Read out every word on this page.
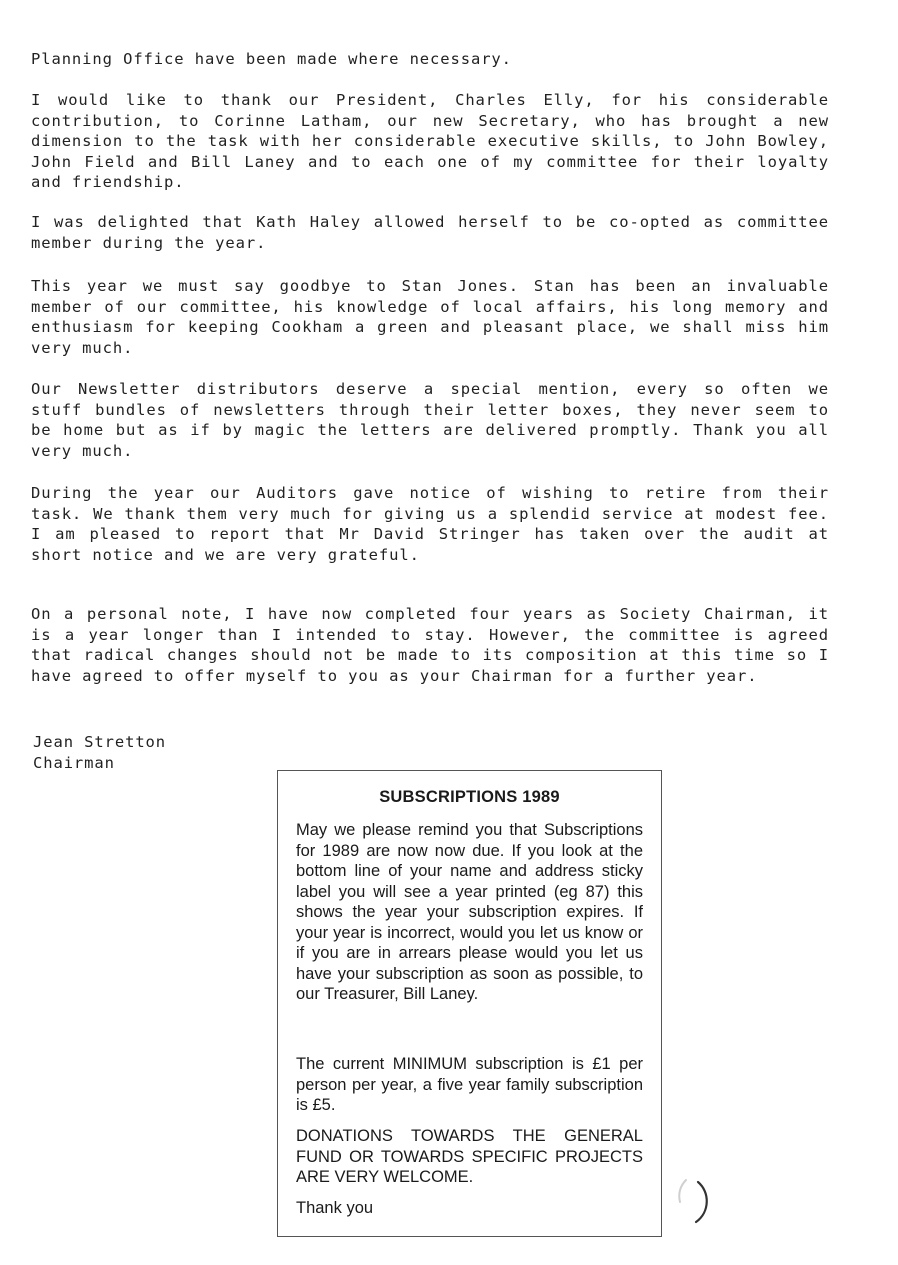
Planning Office have been made where necessary.

I would like to thank our President, Charles Elly, for his considerable contribution, to Corinne Latham, our new Secretary, who has brought a new dimension to the task with her considerable executive skills, to John Bowley, John Field and Bill Laney and to each one of my committee for their loyalty and friendship.

I was delighted that Kath Haley allowed herself to be co-opted as committee member during the year.

This year we must say goodbye to Stan Jones. Stan has been an invaluable member of our committee, his knowledge of local affairs, his long memory and enthusiasm for keeping Cookham a green and pleasant place, we shall miss him very much.

Our Newsletter distributors deserve a special mention, every so often we stuff bundles of newsletters through their letter boxes, they never seem to be home but as if by magic the letters are delivered promptly. Thank you all very much.

During the year our Auditors gave notice of wishing to retire from their task. We thank them very much for giving us a splendid service at modest fee. I am pleased to report that Mr David Stringer has taken over the audit at short notice and we are very grateful.

On a personal note, I have now completed four years as Society Chairman, it is a year longer than I intended to stay. However, the committee is agreed that radical changes should not be made to its composition at this time so I have agreed to offer myself to you as your Chairman for a further year.

Jean Stretton
Chairman
SUBSCRIPTIONS 1989

May we please remind you that Subscriptions for 1989 are now now due. If you look at the bottom line of your name and address sticky label you will see a year printed (eg 87) this shows the year your subscription expires. If your year is incorrect, would you let us know or if you are in arrears please would you let us have your subscription as soon as possible, to our Treasurer, Bill Laney.

The current MINIMUM subscription is £1 per person per year, a five year family subscription is £5.

DONATIONS TOWARDS THE GENERAL FUND OR TOWARDS SPECIFIC PROJECTS ARE VERY WELCOME.

Thank you
